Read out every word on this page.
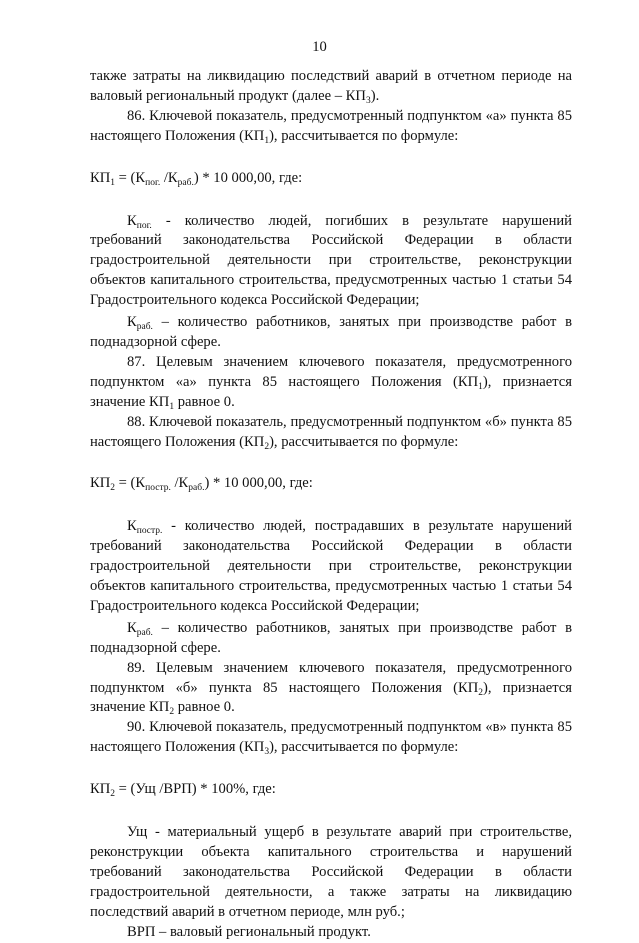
10

также затраты на ликвидацию последствий аварий в отчетном периоде на валовый региональный продукт (далее – $КП_3$).

86. Ключевой показатель, предусмотренный подпунктом «а» пункта 85 настоящего Положения $(КП_1)$, рассчитывается по формуле:

$КП_1 = (К_{пог.}$ $/К_{раб.}) * 10$ 000,00, где:

$К_{пог.}$ - количество людей, погибших в результате нарушений требований законодательства Российской Федерации в области градостроительной деятельности при строительстве, реконструкции объектов капитального строительства, предусмотренных частью 1 статьи 54 Градостроительного кодекса Российской Федерации;

$К_{раб.}$ – количество работников, занятых при производстве работ в поднадзорной сфере.

87. Целевым значением ключевого показателя, предусмотренного подпунктом «а» пункта 85 настоящего Положения $(КП_1)$, признается значение $КП_1$ равное 0.

88. Ключевой показатель, предусмотренный подпунктом «б» пункта 85 настоящего Положения $(КП_2)$, рассчитывается по формуле:

$КП_2 = (К_{постр.}$ $/К_{раб.}) * 10$ 000,00, где:

$К_{постр.}$ - количество людей, пострадавших в результате нарушений требований законодательства Российской Федерации в области градостроительной деятельности при строительстве, реконструкции объектов капитального строительства, предусмотренных частью 1 статьи 54 Градостроительного кодекса Российской Федерации;

$К_{раб.}$ – количество работников, занятых при производстве работ в поднадзорной сфере.

89. Целевым значением ключевого показателя, предусмотренного подпунктом «б» пункта 85 настоящего Положения $(КП_2)$, признается значение $КП_2$ равное 0.

90. Ключевой показатель, предусмотренный подпунктом «в» пункта 85 настоящего Положения $(КП_3)$, рассчитывается по формуле:

$КП_2 = (Ущ$ /ВРП) * 100%, где:

Ущ - материальный ущерб в результате аварий при строительстве, реконструкции объекта капитального строительства и нарушений требований законодательства Российской Федерации в области градостроительной деятельности, а также затраты на ликвидацию последствий аварий в отчетном периоде, млн руб.;

ВРП – валовый региональный продукт.
